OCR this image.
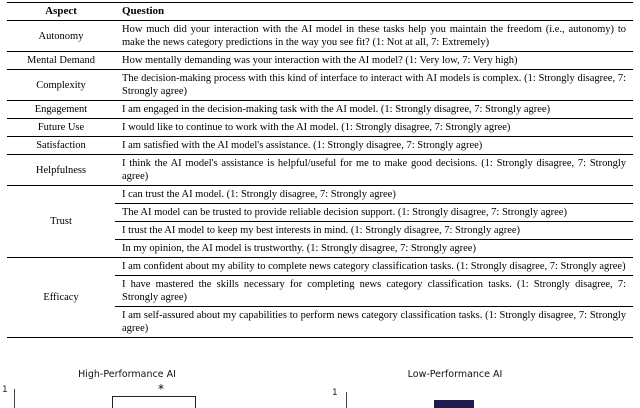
Aspect	Question
Autonomy	How much did your interaction with the AI model in these tasks help you maintain the freedom (i.e., autonomy) to make the news category predictions in the way you see fit? (1: Not at all, 7: Extremely)
Mental Demand	How mentally demanding was your interaction with the AI model? (1: Very low, 7: Very high)
Complexity	The decision-making process with this kind of interface to interact with AI models is complex. (1: Strongly disagree, 7: Strongly agree)
Engagement	I am engaged in the decision-making task with the AI model. (1: Strongly disagree, 7: Strongly agree)
Future Use	I would like to continue to work with the AI model. (1: Strongly disagree, 7: Strongly agree)
Satisfaction	I am satisfied with the AI model's assistance. (1: Strongly disagree, 7: Strongly agree)
Helpfulness	I think the AI model's assistance is helpful/useful for me to make good decisions. (1: Strongly disagree, 7: Strongly agree)
Trust	I can trust the AI model. (1: Strongly disagree, 7: Strongly agree)
	The AI model can be trusted to provide reliable decision support. (1: Strongly disagree, 7: Strongly agree)
	I trust the AI model to keep my best interests in mind. (1: Strongly disagree, 7: Strongly agree)
	In my opinion, the AI model is trustworthy. (1: Strongly disagree, 7: Strongly agree)
Efficacy	I am confident about my ability to complete news category classification tasks. (1: Strongly disagree, 7: Strongly agree)
	I have mastered the skills necessary for completing news category classification tasks. (1: Strongly disagree, 7: Strongly agree)
	I am self-assured about my capabilities to perform news category classification tasks. (1: Strongly disagree, 7: Strongly agree)
High-Performance AI	Low-Performance AI
1	1
*
